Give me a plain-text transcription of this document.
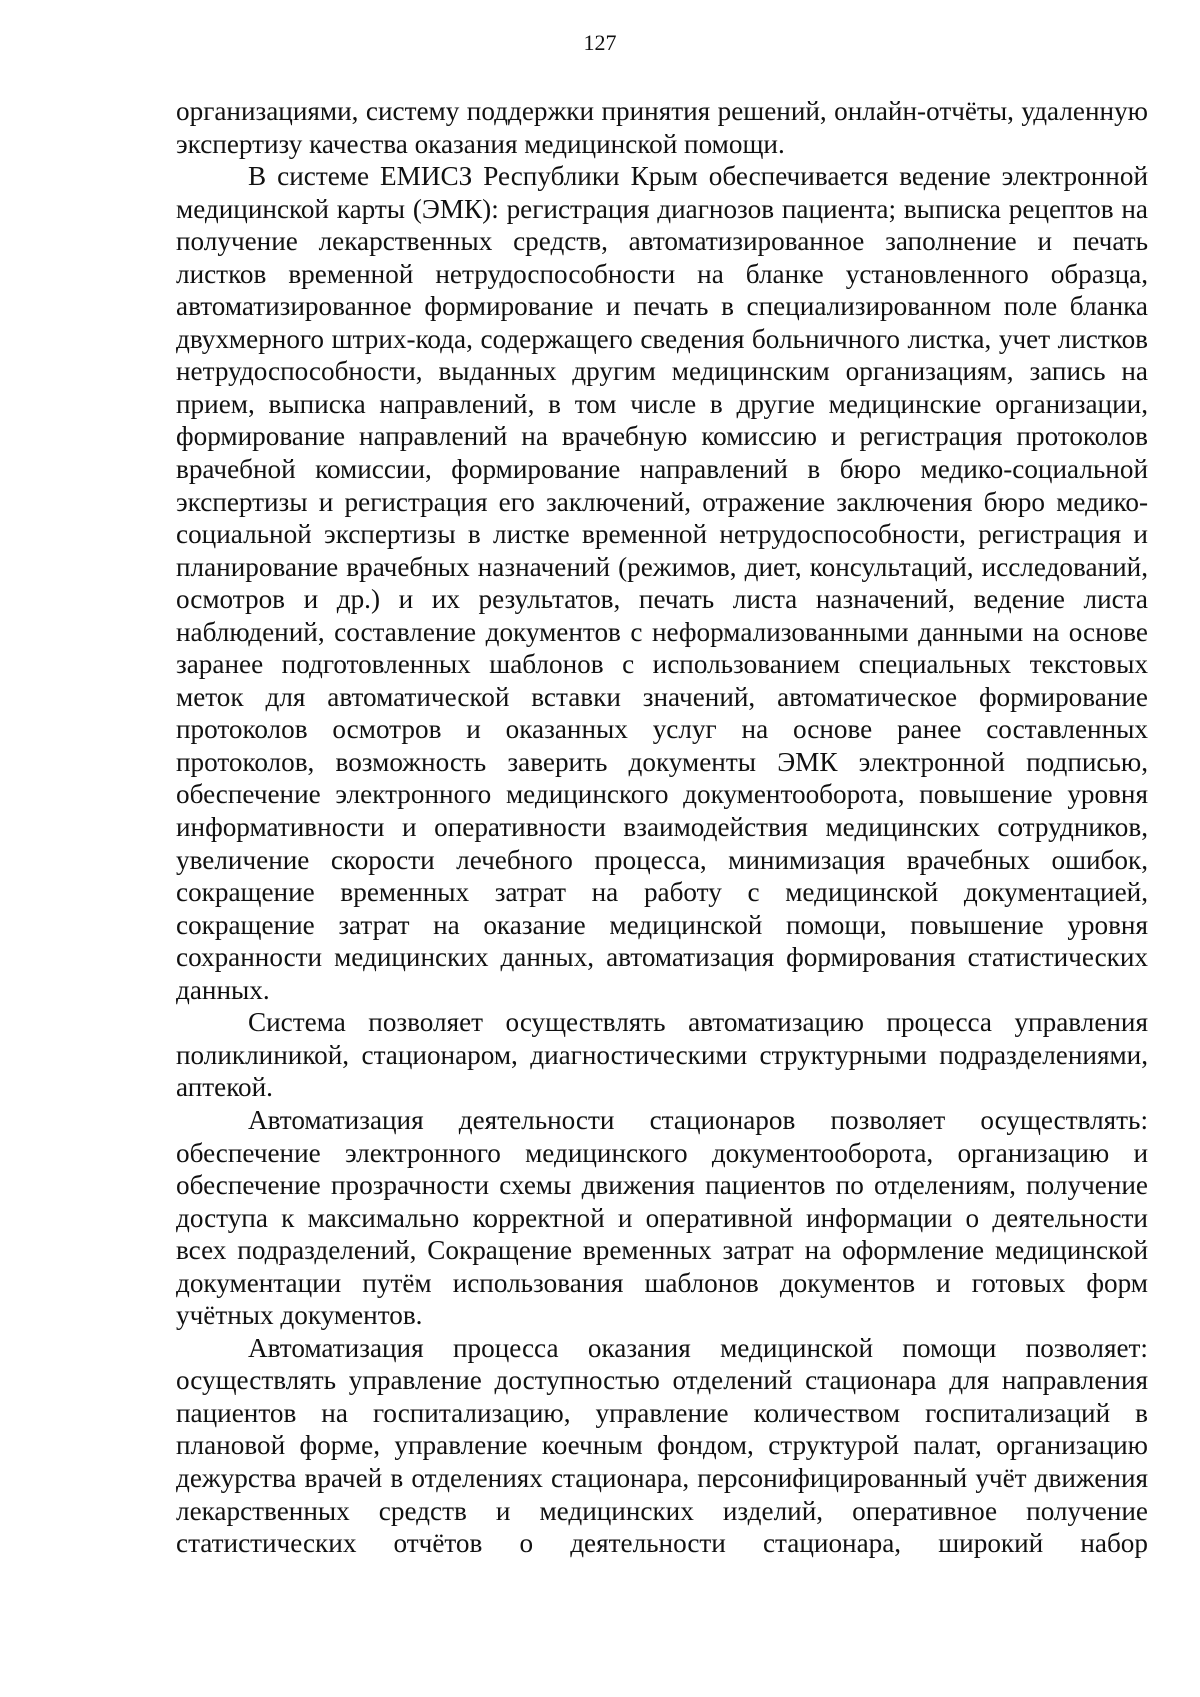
127

организациями, систему поддержки принятия решений, онлайн-отчёты, удаленную экспертизу качества оказания медицинской помощи.

В системе ЕМИСЗ Республики Крым обеспечивается ведение электронной медицинской карты (ЭМК): регистрация диагнозов пациента; выписка рецептов на получение лекарственных средств, автоматизированное заполнение и печать листков временной нетрудоспособности на бланке установленного образца, автоматизированное формирование и печать в специализированном поле бланка двухмерного штрих-кода, содержащего сведения больничного листка, учет листков нетрудоспособности, выданных другим медицинским организациям, запись на прием, выписка направлений, в том числе в другие медицинские организации, формирование направлений на врачебную комиссию и регистрация протоколов врачебной комиссии, формирование направлений в бюро медико-социальной экспертизы и регистрация его заключений, отражение заключения бюро медико-социальной экспертизы в листке временной нетрудоспособности, регистрация и планирование врачебных назначений (режимов, диет, консультаций, исследований, осмотров и др.) и их результатов, печать листа назначений, ведение листа наблюдений, составление документов с неформализованными данными на основе заранее подготовленных шаблонов с использованием специальных текстовых меток для автоматической вставки значений, автоматическое формирование протоколов осмотров и оказанных услуг на основе ранее составленных протоколов, возможность заверить документы ЭМК электронной подписью, обеспечение электронного медицинского документооборота, повышение уровня информативности и оперативности взаимодействия медицинских сотрудников, увеличение скорости лечебного процесса, минимизация врачебных ошибок, сокращение временных затрат на работу с медицинской документацией, сокращение затрат на оказание медицинской помощи, повышение уровня сохранности медицинских данных, автоматизация формирования статистических данных.

Система позволяет осуществлять автоматизацию процесса управления поликлиникой, стационаром, диагностическими структурными подразделениями, аптекой.

Автоматизация деятельности стационаров позволяет осуществлять: обеспечение электронного медицинского документооборота, организацию и обеспечение прозрачности схемы движения пациентов по отделениям, получение доступа к максимально корректной и оперативной информации о деятельности всех подразделений, Сокращение временных затрат на оформление медицинской документации путём использования шаблонов документов и готовых форм учётных документов.

Автоматизация процесса оказания медицинской помощи позволяет: осуществлять управление доступностью отделений стационара для направления пациентов на госпитализацию, управление количеством госпитализаций в плановой форме, управление коечным фондом, структурой палат, организацию дежурства врачей в отделениях стационара, персонифицированный учёт движения лекарственных средств и медицинских изделий, оперативное получение статистических отчётов о деятельности стационара, широкий набор
